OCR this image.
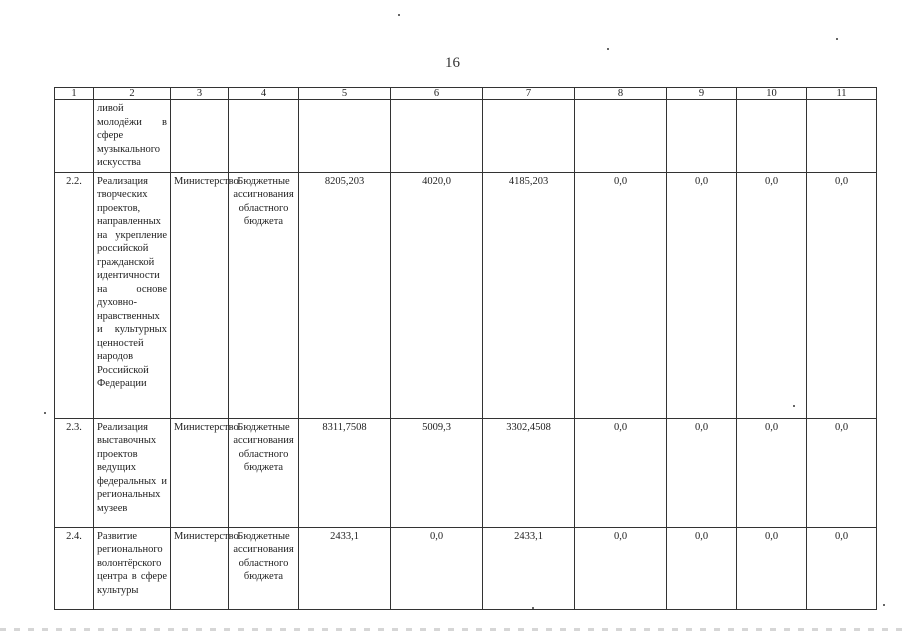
16
1	2	3	4	5	6	7	8	9	10	11
	ливой молодёжи в сфере музыкального искусства									
2.2.	Реализация творческих проектов, направленных на укрепление российской гражданской идентичности на основе духовно-нравственных и культурных ценностей народов Российской Федерации	Министерство	Бюджетные ассигнования областного бюджета	8205,203	4020,0	4185,203	0,0	0,0	0,0	0,0
2.3.	Реализация выставочных проектов ведущих федеральных и региональных музеев	Министерство	Бюджетные ассигнования областного бюджета	8311,7508	5009,3	3302,4508	0,0	0,0	0,0	0,0
2.4.	Развитие регионального волонтёрского центра в сфере культуры	Министерство	Бюджетные ассигнования областного бюджета	2433,1	0,0	2433,1	0,0	0,0	0,0	0,0
